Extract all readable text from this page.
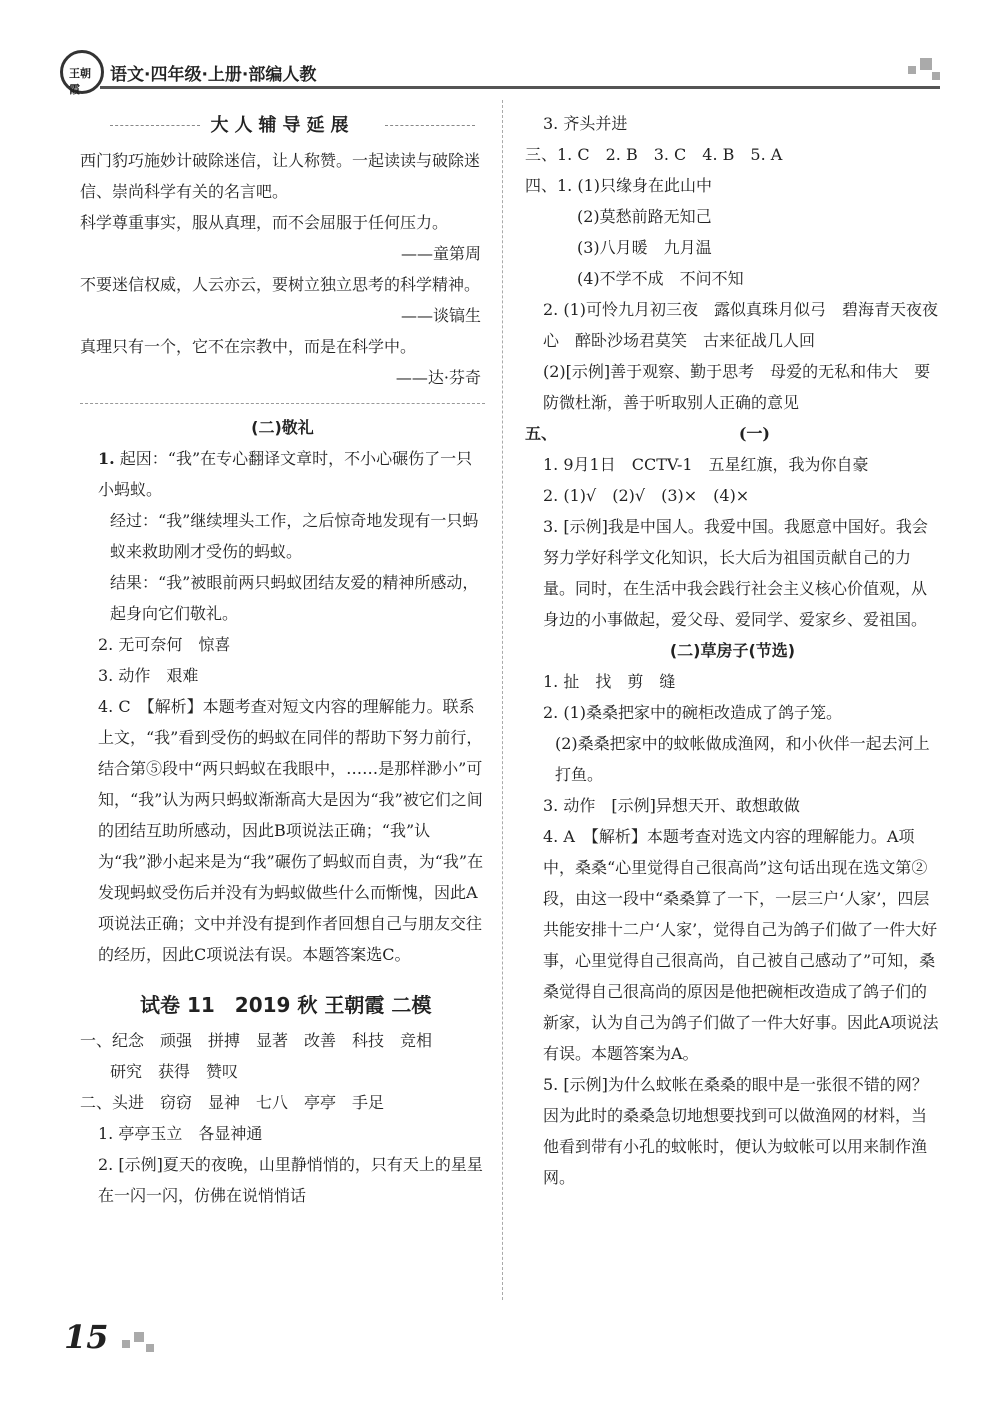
王朝霞
语文·四年级·上册·部编人教
大人辅导延展
西门豹巧施妙计破除迷信，让人称赞。一起读读与破除迷信、崇尚科学有关的名言吧。
科学尊重事实，服从真理，而不会屈服于任何压力。
——童第周
不要迷信权威，人云亦云，要树立独立思考的科学精神。
——谈镐生
真理只有一个，它不在宗教中，而是在科学中。
——达·芬奇
(二)敬礼
1. 起因：“我”在专心翻译文章时，不小心碾伤了一只小蚂蚁。
经过：“我”继续埋头工作，之后惊奇地发现有一只蚂蚁来救助刚才受伤的蚂蚁。
结果：“我”被眼前两只蚂蚁团结友爱的精神所感动，起身向它们敬礼。
2. 无可奈何　惊喜
3. 动作　艰难
4. C　【解析】本题考查对短文内容的理解能力。联系上文，“我”看到受伤的蚂蚁在同伴的帮助下努力前行，结合第⑤段中“两只蚂蚁在我眼中，……是那样渺小”可知，“我”认为两只蚂蚁渐渐高大是因为“我”被它们之间的团结互助所感动，因此B项说法正确；“我”认为“我”渺小起来是为“我”碾伤了蚂蚁而自责，为“我”在发现蚂蚁受伤后并没有为蚂蚁做些什么而惭愧，因此A项说法正确；文中并没有提到作者回想自己与朋友交往的经历，因此C项说法有误。本题答案选C。
试卷 11　2019 秋 王朝霞 二模
一、纪念　顽强　拼搏　显著　改善　科技　竞相
研究　获得　赞叹
二、头进　窃窃　显神　七八　亭亭　手足
1. 亭亭玉立　各显神通
2. [示例]夏天的夜晚，山里静悄悄的，只有天上的星星在一闪一闪，仿佛在说悄悄话
3. 齐头并进
三、1. C　2. B　3. C　4. B　5. A
四、1. (1)只缘身在此山中
(2)莫愁前路无知己
(3)八月暖　九月温
(4)不学不成　不问不知
2. (1)可怜九月初三夜　露似真珠月似弓　碧海青天夜夜心　醉卧沙场君莫笑　古来征战几人回
(2)[示例]善于观察、勤于思考　母爱的无私和伟大　要防微杜渐，善于听取别人正确的意见
五、	(一)
1. 9月1日　CCTV-1　五星红旗，我为你自豪
2. (1)√　(2)√　(3)×　(4)×
3. [示例]我是中国人。我爱中国。我愿意中国好。我会努力学好科学文化知识，长大后为祖国贡献自己的力量。同时，在生活中我会践行社会主义核心价值观，从身边的小事做起，爱父母、爱同学、爱家乡、爱祖国。
(二)草房子(节选)
1. 扯　找　剪　缝
2. (1)桑桑把家中的碗柜改造成了鸽子笼。
(2)桑桑把家中的蚊帐做成渔网，和小伙伴一起去河上打鱼。
3. 动作　[示例]异想天开、敢想敢做
4. A　【解析】本题考查对选文内容的理解能力。A项中，桑桑“心里觉得自己很高尚”这句话出现在选文第②段，由这一段中“桑桑算了一下，一层三户‘人家’，四层共能安排十二户‘人家’，觉得自己为鸽子们做了一件大好事，心里觉得自己很高尚，自己被自己感动了”可知，桑桑觉得自己很高尚的原因是他把碗柜改造成了鸽子们的新家，认为自己为鸽子们做了一件大好事。因此A项说法有误。本题答案为A。
5. [示例]为什么蚊帐在桑桑的眼中是一张很不错的网？　因为此时的桑桑急切地想要找到可以做渔网的材料，当他看到带有小孔的蚊帐时，便认为蚊帐可以用来制作渔网。
15
